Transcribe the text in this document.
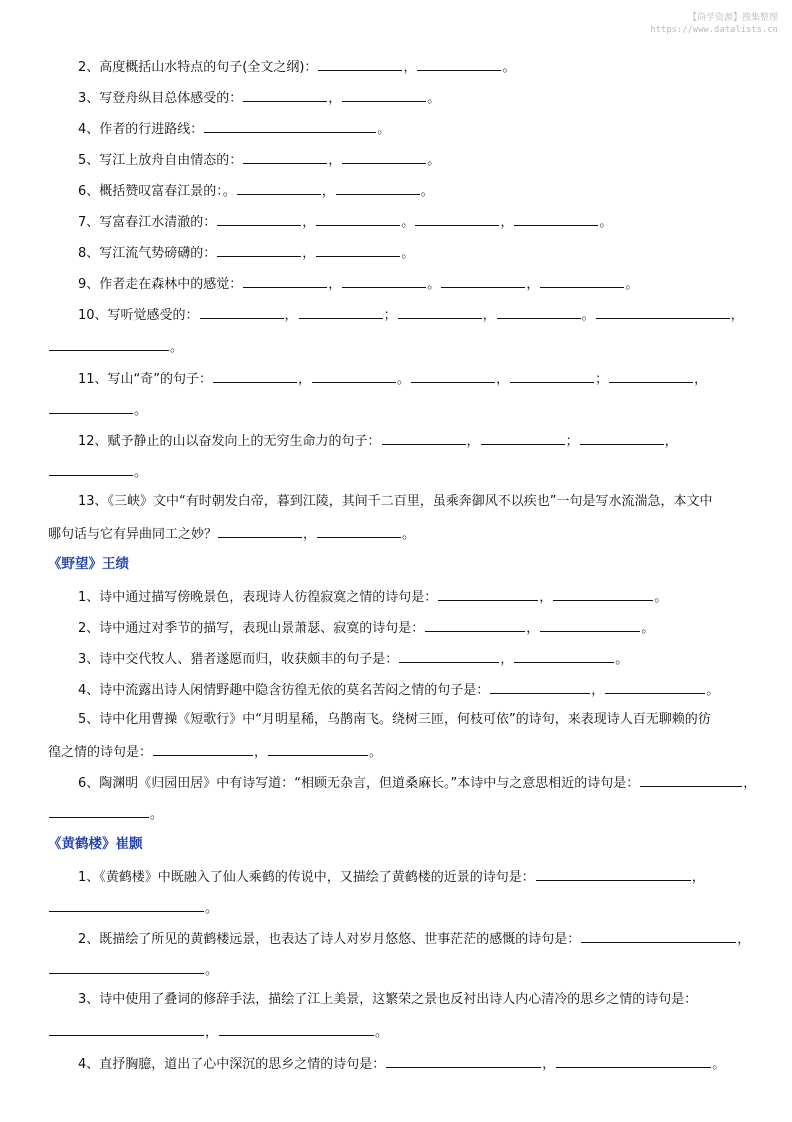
【尚学资源】搜集整理
https://www.datalists.cn
2、高度概括山水特点的句子(全文之纲)：	，	。
3、写登舟纵目总体感受的：	，	。
4、作者的行进路线：	。
5、写江上放舟自由情态的：	，	。
6、概括赞叹富春江景的：。	，	。
7、写富春江水清澈的：	，	。	，	。
8、写江流气势磅礴的：	，	。
9、作者走在森林中的感觉：	，	。	，	。
10、写听觉感受的：	，	；	，	。	，
。
11、写山“奇”的句子：	，	。	，	；	，
。
12、赋予静止的山以奋发向上的无穷生命力的句子：	，	；	，
。
13、《三峡》文中“有时朝发白帝，暮到江陵，其间千二百里，虽乘奔御风不以疾也”一句是写水流湍急，本文中
哪句话与它有异曲同工之妙？	，	。
《野望》王绩
1、诗中通过描写傍晚景色，表现诗人彷徨寂寞之情的诗句是：	，	。
2、诗中通过对季节的描写，表现山景萧瑟、寂寞的诗句是：	，	。
3、诗中交代牧人、猎者遂愿而归，收获颇丰的句子是：	，	。
4、诗中流露出诗人闲情野趣中隐含彷徨无依的莫名苦闷之情的句子是：	，	。
5、诗中化用曹操《短歌行》中“月明星稀，乌鹊南飞。绕树三匝，何枝可依”的诗句，来表现诗人百无聊赖的彷
徨之情的诗句是：	，	。
6、陶渊明《归园田居》中有诗写道：“相顾无杂言，但道桑麻长。”本诗中与之意思相近的诗句是：	，
。
《黄鹤楼》崔颢
1、《黄鹤楼》中既融入了仙人乘鹤的传说中，又描绘了黄鹤楼的近景的诗句是：	，
。
2、既描绘了所见的黄鹤楼远景，也表达了诗人对岁月悠悠、世事茫茫的感慨的诗句是：	，
。
3、诗中使用了叠词的修辞手法，描绘了江上美景，这繁荣之景也反衬出诗人内心清冷的思乡之情的诗句是：
，	。
4、直抒胸臆，道出了心中深沉的思乡之情的诗句是：	，	。
